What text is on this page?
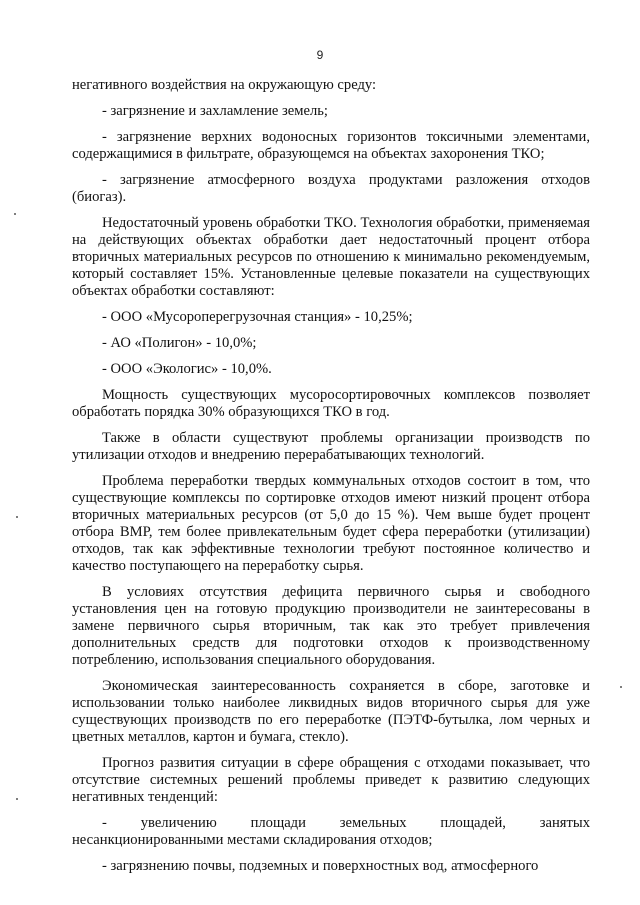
9

негативного воздействия на окружающую среду:

- загрязнение и захламление земель;

- загрязнение верхних водоносных горизонтов токсичными элементами, содержащимися в фильтрате, образующемся на объектах захоронения ТКО;

- загрязнение атмосферного воздуха продуктами разложения отходов (биогаз).

Недостаточный уровень обработки ТКО. Технология обработки, применяемая на действующих объектах обработки дает недостаточный процент отбора вторичных материальных ресурсов по отношению к минимально рекомендуемым, который составляет 15%. Установленные целевые показатели на существующих объектах обработки составляют:

- ООО «Мусороперегрузочная станция» - 10,25%;

- АО «Полигон» - 10,0%;

- ООО «Экологис» - 10,0%.

Мощность существующих мусоросортировочных комплексов позволяет обработать порядка 30% образующихся ТКО в год.

Также в области существуют проблемы организации производств по утилизации отходов и внедрению перерабатывающих технологий.

Проблема переработки твердых коммунальных отходов состоит в том, что существующие комплексы по сортировке отходов имеют низкий процент отбора вторичных материальных ресурсов (от 5,0 до 15 %). Чем выше будет процент отбора ВМР, тем более привлекательным будет сфера переработки (утилизации) отходов, так как эффективные технологии требуют постоянное количество и качество поступающего на переработку сырья.

В условиях отсутствия дефицита первичного сырья и свободного установления цен на готовую продукцию производители не заинтересованы в замене первичного сырья вторичным, так как это требует привлечения дополнительных средств для подготовки отходов к производственному потреблению, использования специального оборудования.

Экономическая заинтересованность сохраняется в сборе, заготовке и использовании только наиболее ликвидных видов вторичного сырья для уже существующих производств по его переработке (ПЭТФ-бутылка, лом черных и цветных металлов, картон и бумага, стекло).

Прогноз развития ситуации в сфере обращения с отходами показывает, что отсутствие системных решений проблемы приведет к развитию следующих негативных тенденций:

- увеличению площади земельных площадей, занятых несанкционированными местами складирования отходов;

- загрязнению почвы, подземных и поверхностных вод, атмосферного
